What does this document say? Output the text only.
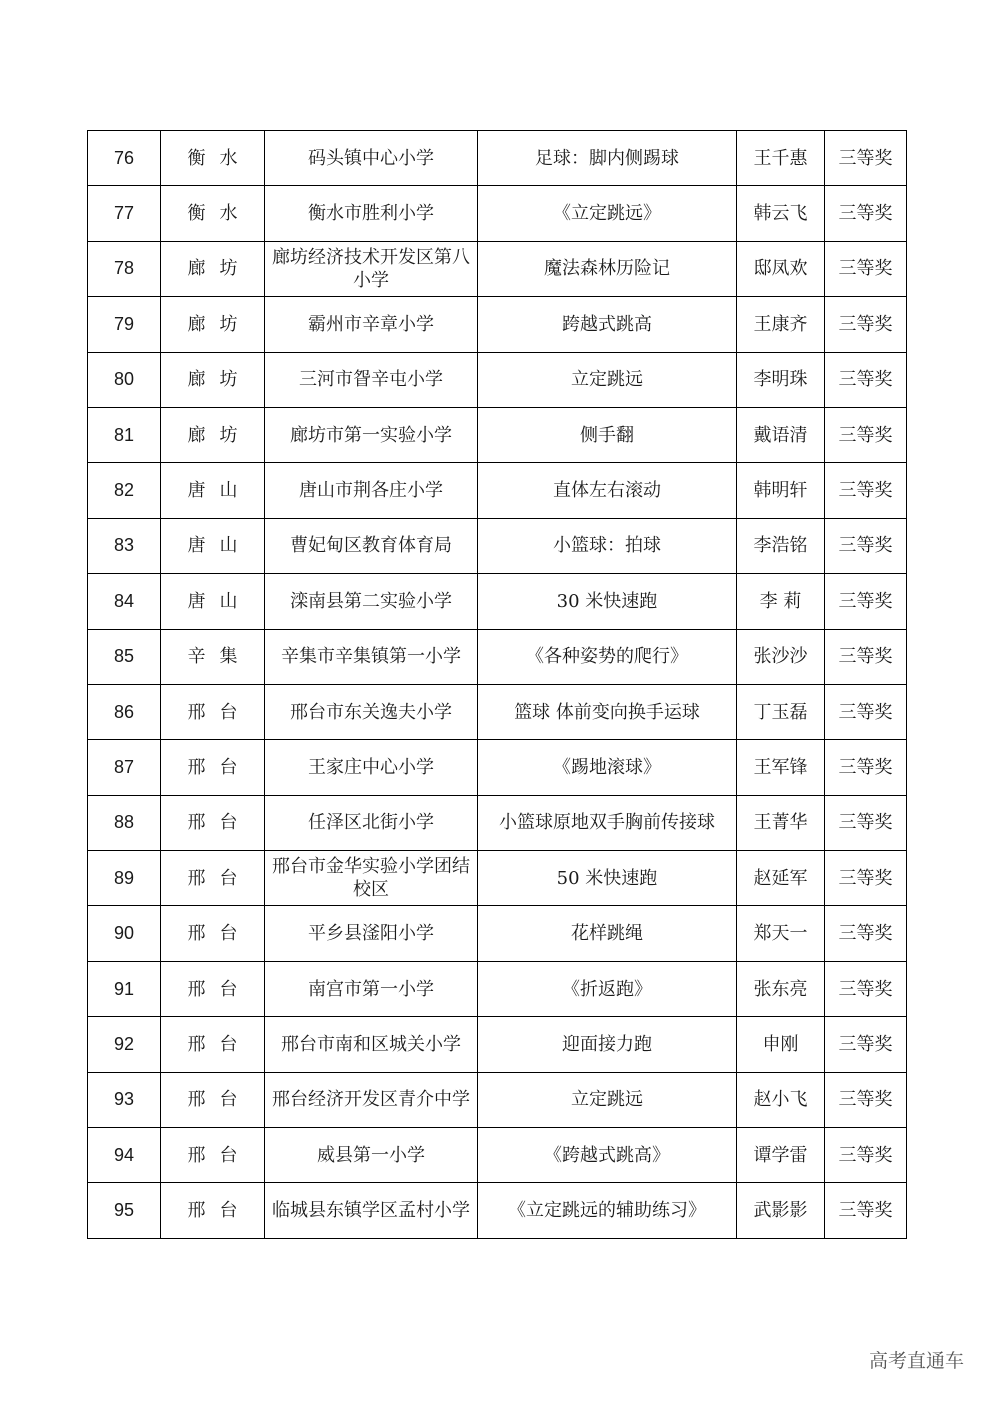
76	衡水	码头镇中心小学	足球：脚内侧踢球	王千惠	三等奖
77	衡水	衡水市胜利小学	《立定跳远》	韩云飞	三等奖
78	廊坊	廊坊经济技术开发区第八小学	魔法森林历险记	邸凤欢	三等奖
79	廊坊	霸州市辛章小学	跨越式跳高	王康齐	三等奖
80	廊坊	三河市眢辛屯小学	立定跳远	李明珠	三等奖
81	廊坊	廊坊市第一实验小学	侧手翻	戴语清	三等奖
82	唐山	唐山市荆各庄小学	直体左右滚动	韩明轩	三等奖
83	唐山	曹妃甸区教育体育局	小篮球：拍球	李浩铭	三等奖
84	唐山	滦南县第二实验小学	30 米快速跑	李 莉	三等奖
85	辛集	辛集市辛集镇第一小学	《各种姿势的爬行》	张沙沙	三等奖
86	邢台	邢台市东关逸夫小学	篮球 体前变向换手运球	丁玉磊	三等奖
87	邢台	王家庄中心小学	《踢地滚球》	王军锋	三等奖
88	邢台	任泽区北街小学	小篮球原地双手胸前传接球	王菁华	三等奖
89	邢台	邢台市金华实验小学团结校区	50 米快速跑	赵延军	三等奖
90	邢台	平乡县滏阳小学	花样跳绳	郑天一	三等奖
91	邢台	南宫市第一小学	《折返跑》	张东亮	三等奖
92	邢台	邢台市南和区城关小学	迎面接力跑	申刚	三等奖
93	邢台	邢台经济开发区青介中学	立定跳远	赵小飞	三等奖
94	邢台	威县第一小学	《跨越式跳高》	谭学雷	三等奖
95	邢台	临城县东镇学区孟村小学	《立定跳远的辅助练习》	武影影	三等奖
高考直通车
